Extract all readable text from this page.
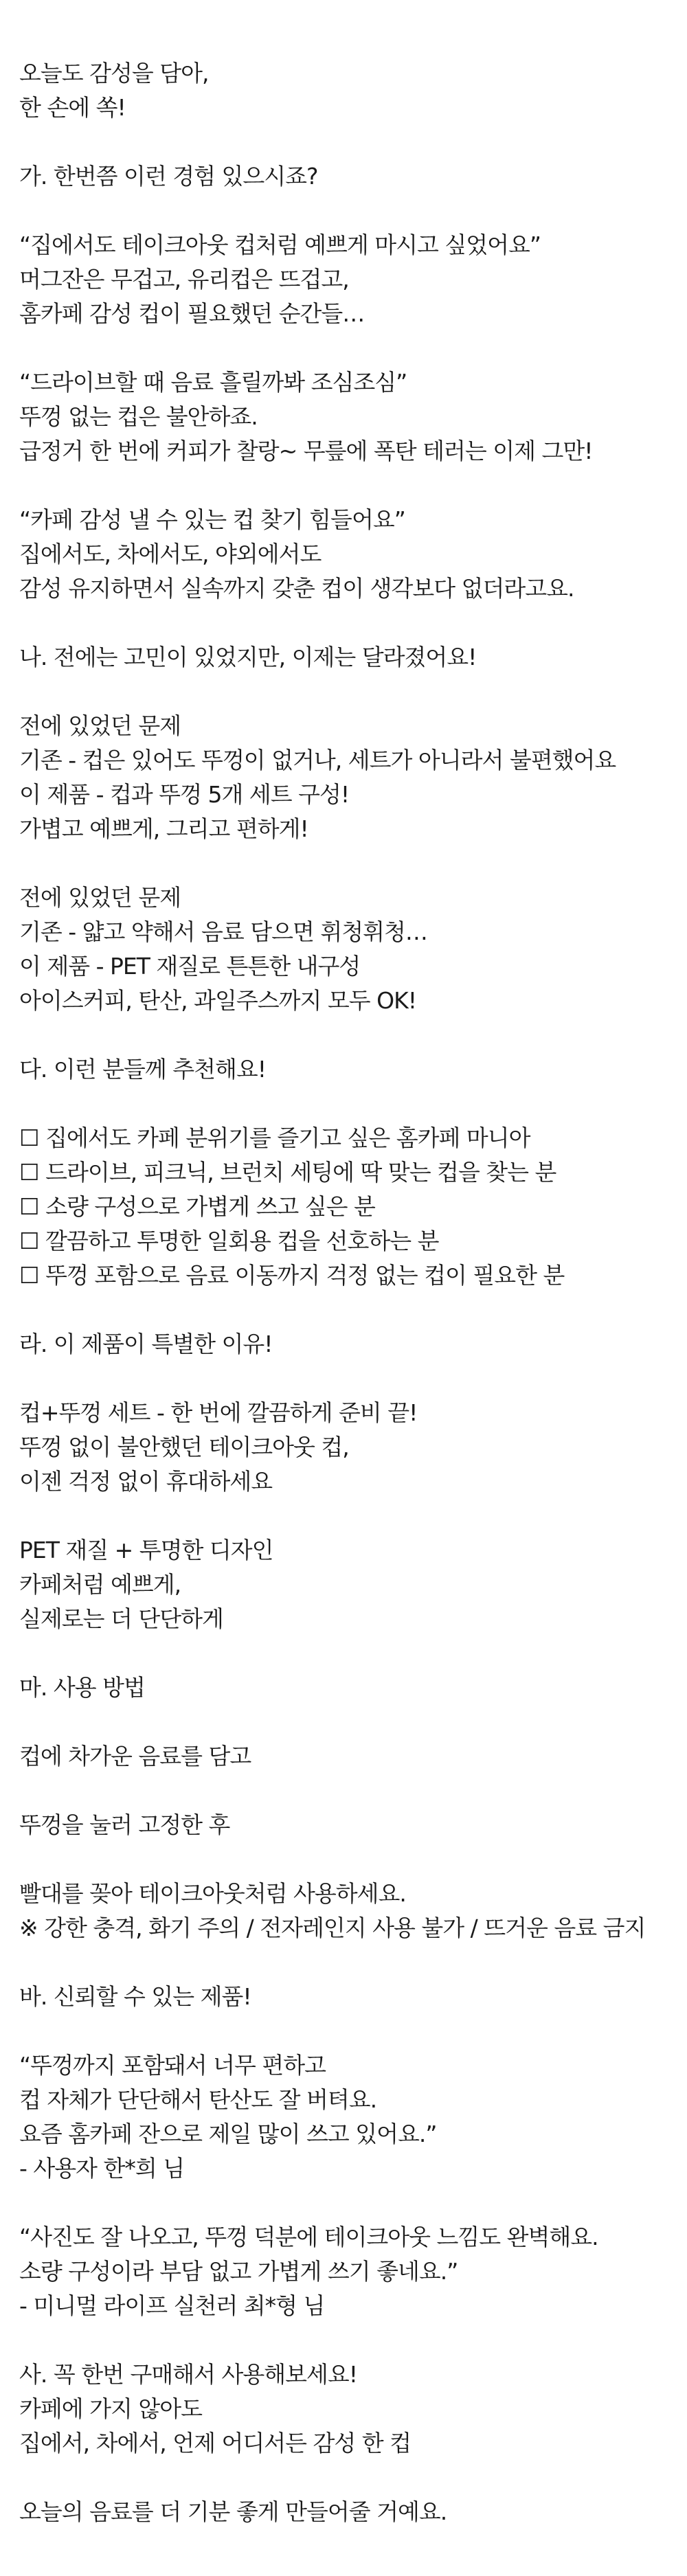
오늘도 감성을 담아,
한 손에 쏙!
가. 한번쯤 이런 경험 있으시죠?
“집에서도 테이크아웃 컵처럼 예쁘게 마시고 싶었어요”
머그잔은 무겁고, 유리컵은 뜨겁고,
홈카페 감성 컵이 필요했던 순간들…
“드라이브할 때 음료 흘릴까봐 조심조심”
뚜껑 없는 컵은 불안하죠.
급정거 한 번에 커피가 찰랑~ 무릎에 폭탄 테러는 이제 그만!
“카페 감성 낼 수 있는 컵 찾기 힘들어요”
집에서도, 차에서도, 야외에서도
감성 유지하면서 실속까지 갖춘 컵이 생각보다 없더라고요.
나. 전에는 고민이 있었지만, 이제는 달라졌어요!
전에 있었던 문제
기존 - 컵은 있어도 뚜껑이 없거나, 세트가 아니라서 불편했어요
이 제품 - 컵과 뚜껑 5개 세트 구성!
가볍고 예쁘게, 그리고 편하게!
전에 있었던 문제
기존 - 얇고 약해서 음료 담으면 휘청휘청…
이 제품 - PET 재질로 튼튼한 내구성
아이스커피, 탄산, 과일주스까지 모두 OK!
다. 이런 분들께 추천해요!
☐ 집에서도 카페 분위기를 즐기고 싶은 홈카페 마니아
☐ 드라이브, 피크닉, 브런치 세팅에 딱 맞는 컵을 찾는 분
☐ 소량 구성으로 가볍게 쓰고 싶은 분
☐ 깔끔하고 투명한 일회용 컵을 선호하는 분
☐ 뚜껑 포함으로 음료 이동까지 걱정 없는 컵이 필요한 분
라. 이 제품이 특별한 이유!
컵+뚜껑 세트 - 한 번에 깔끔하게 준비 끝!
뚜껑 없이 불안했던 테이크아웃 컵,
이젠 걱정 없이 휴대하세요
PET 재질 + 투명한 디자인
카페처럼 예쁘게,
실제로는 더 단단하게
마. 사용 방법
컵에 차가운 음료를 담고
뚜껑을 눌러 고정한 후
빨대를 꽂아 테이크아웃처럼 사용하세요.
※ 강한 충격, 화기 주의 / 전자레인지 사용 불가 / 뜨거운 음료 금지
바. 신뢰할 수 있는 제품!
“뚜껑까지 포함돼서 너무 편하고
컵 자체가 단단해서 탄산도 잘 버텨요.
요즘 홈카페 잔으로 제일 많이 쓰고 있어요.”
- 사용자 한*희 님
“사진도 잘 나오고, 뚜껑 덕분에 테이크아웃 느낌도 완벽해요.
소량 구성이라 부담 없고 가볍게 쓰기 좋네요.”
- 미니멀 라이프 실천러 최*형 님
사. 꼭 한번 구매해서 사용해보세요!
카페에 가지 않아도
집에서, 차에서, 언제 어디서든 감성 한 컵
오늘의 음료를 더 기분 좋게 만들어줄 거예요.
